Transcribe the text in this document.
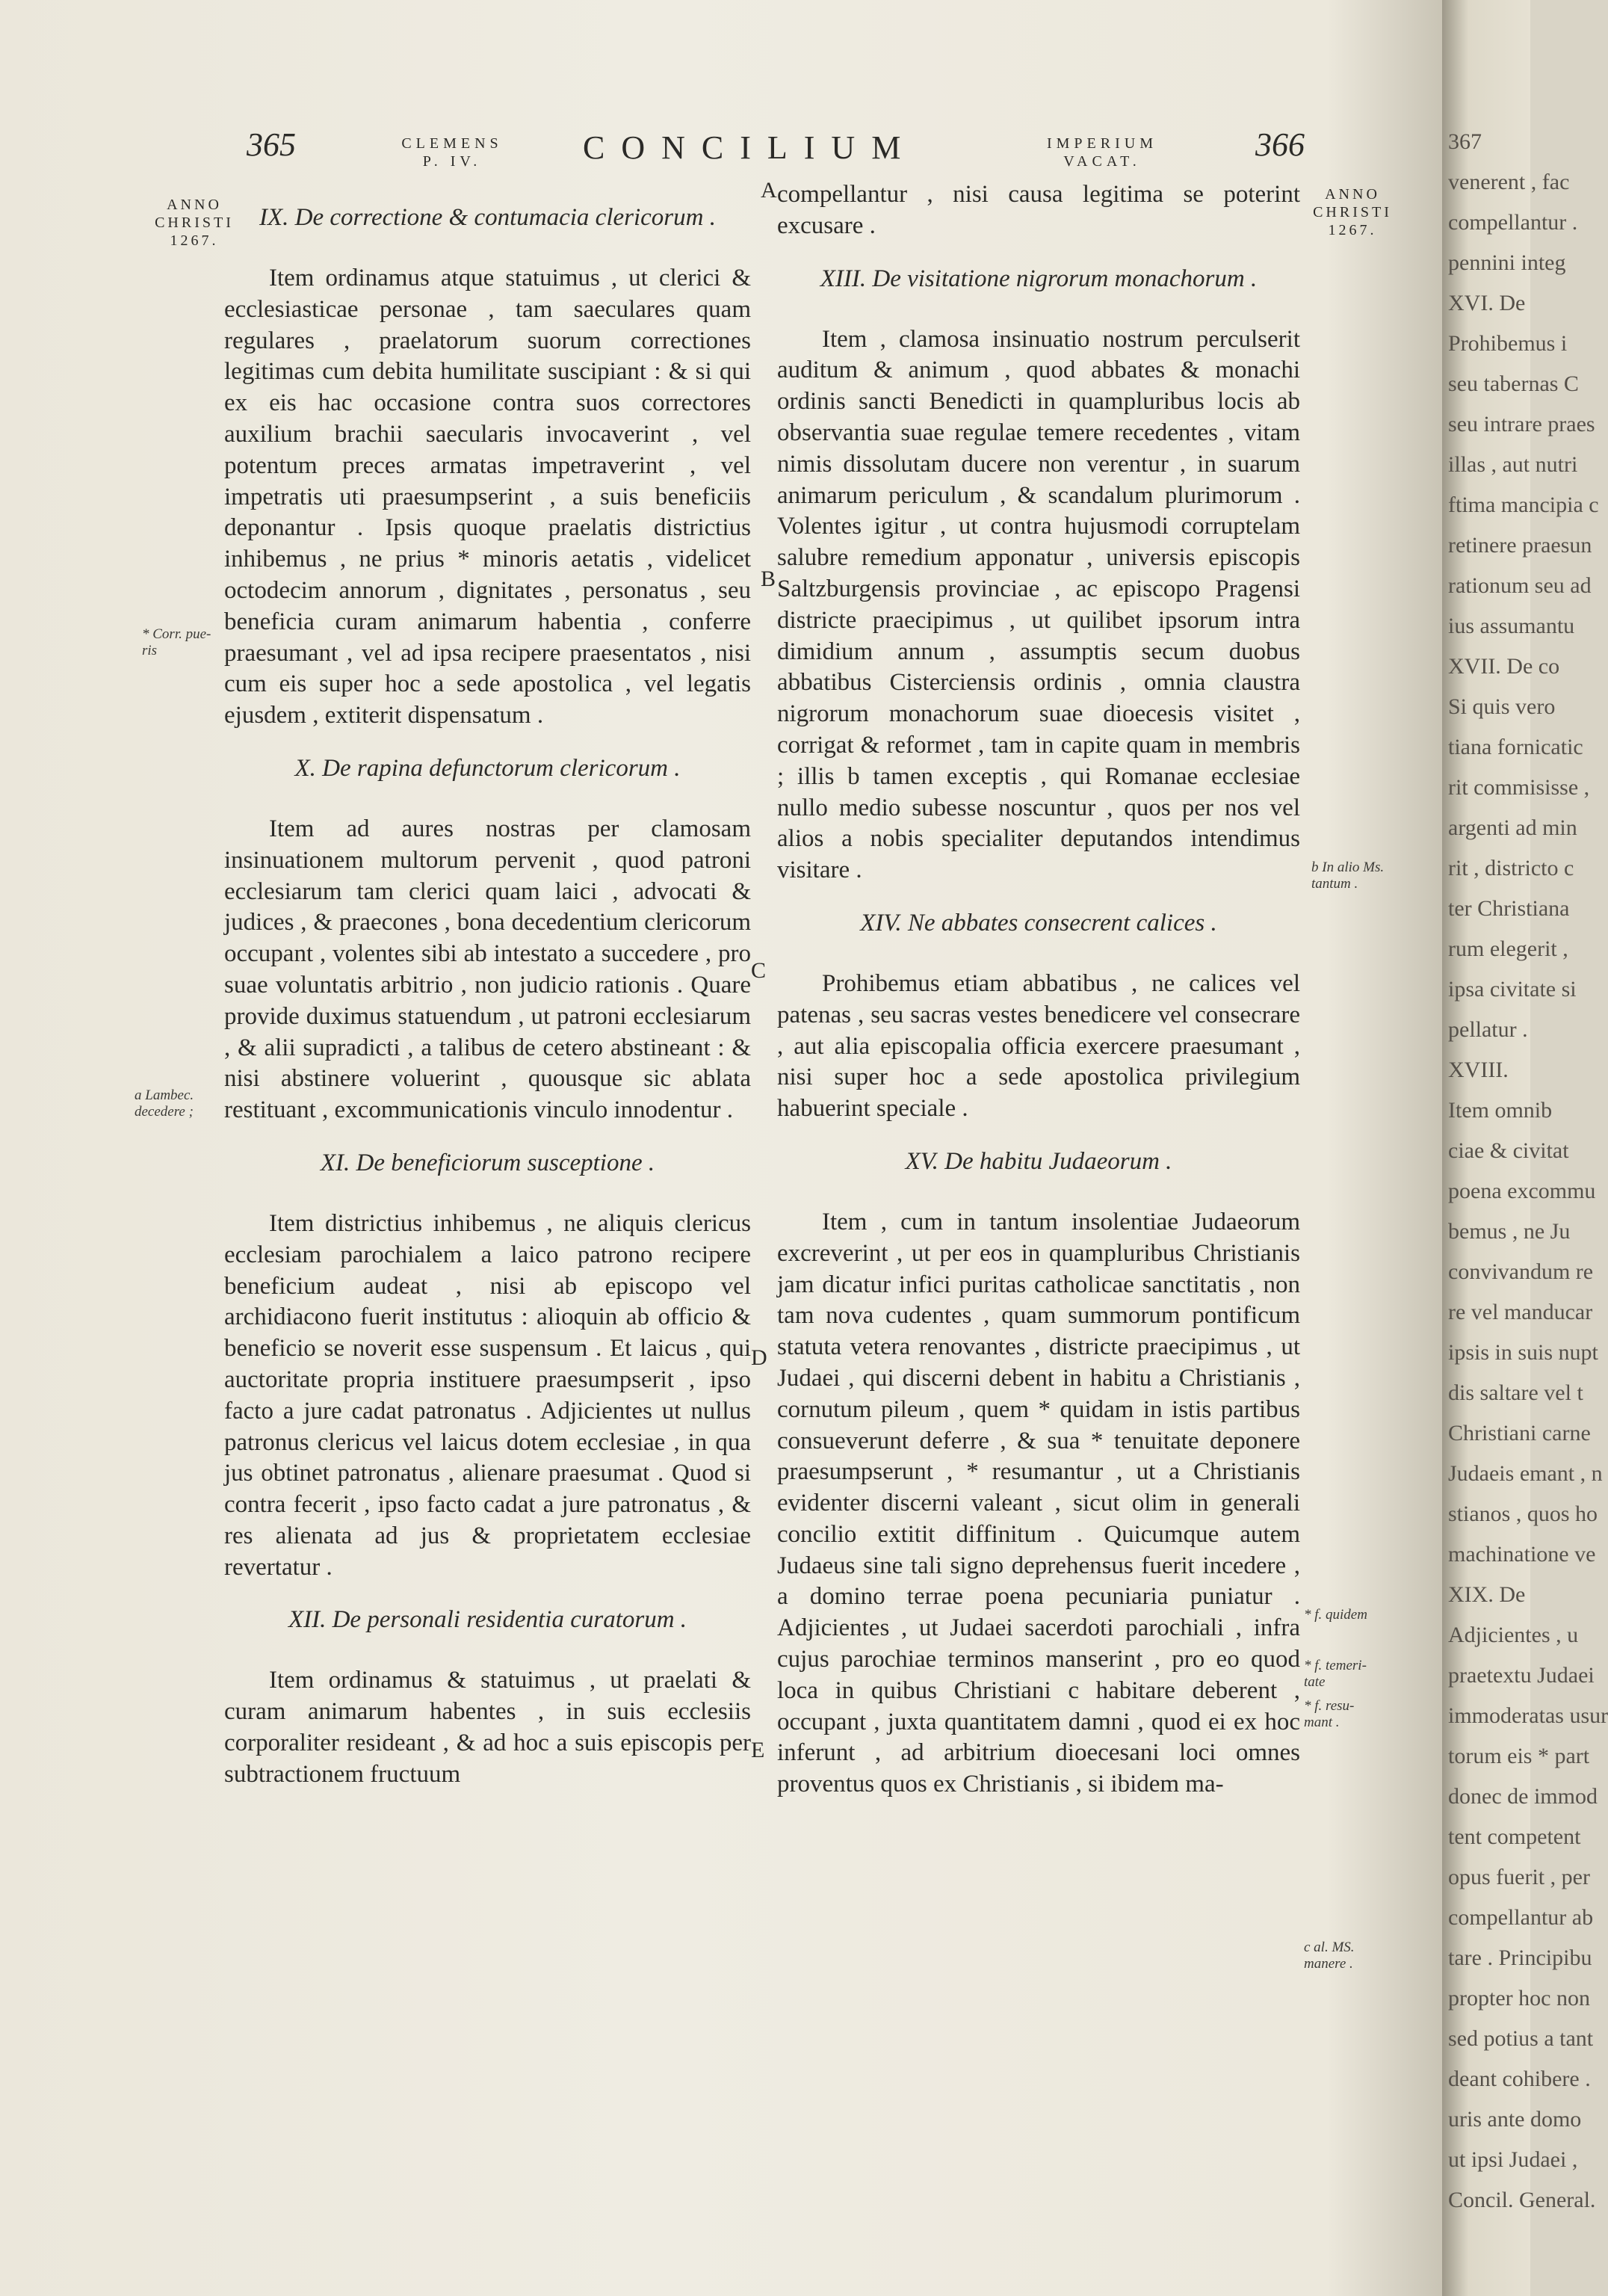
365	CLEMENS
P. IV.	CONCILIUM	IMPERIUM
VACAT.	366
ANNO
CHRISTI
1267.
ANNO
CHRISTI
1267.
A
B
C
D
E
* Corr. pue- ris
a Lambec. decedere ;
b In alio Ms. tantum .
* f. quidem
* f. temeri- tate
* f. resu- mant .
c al. MS. manere .
IX. De correctione & contumacia clericorum .

Item ordinamus atque statuimus , ut clerici & ecclesiasticae personae , tam saeculares quam regulares , praelatorum suorum correctiones legitimas cum debita humilitate suscipiant : & si qui ex eis hac occasione contra suos correctores auxilium brachii saecularis invocaverint , vel potentum preces armatas impetraverint , vel impetratis uti praesumpserint , a suis beneficiis deponantur . Ipsis quoque praelatis districtius inhibemus , ne prius * minoris aetatis , videlicet octodecim annorum , dignitates , personatus , seu beneficia curam animarum habentia , conferre praesumant , vel ad ipsa recipere praesentatos , nisi cum eis super hoc a sede apostolica , vel legatis ejusdem , extiterit dispensatum .

X. De rapina defunctorum clericorum .

Item ad aures nostras per clamosam insinuationem multorum pervenit , quod patroni ecclesiarum tam clerici quam laici , advocati & judices , & praecones , bona decedentium clericorum occupant , volentes sibi ab intestato a succedere , pro suae voluntatis arbitrio , non judicio rationis . Quare provide duximus statuendum , ut patroni ecclesiarum , & alii supradicti , a talibus de cetero abstineant : & nisi abstinere voluerint , quousque sic ablata restituant , excommunicationis vinculo innodentur .

XI. De beneficiorum susceptione .

Item districtius inhibemus , ne aliquis clericus ecclesiam parochialem a laico patrono recipere beneficium audeat , nisi ab episcopo vel archidiacono fuerit institutus : alioquin ab officio & beneficio se noverit esse suspensum . Et laicus , qui auctoritate propria instituere praesumpserit , ipso facto a jure cadat patronatus . Adjicientes ut nullus patronus clericus vel laicus dotem ecclesiae , in qua jus obtinet patronatus , alienare praesumat . Quod si contra fecerit , ipso facto cadat a jure patronatus , & res alienata ad jus & proprietatem ecclesiae revertatur .

XII. De personali residentia curatorum .

Item ordinamus & statuimus , ut praelati & curam animarum habentes , in suis ecclesiis corporaliter resideant , & ad hoc a suis episcopis per subtractionem fructuum

compellantur , nisi causa legitima se poterint excusare .

XIII. De visitatione nigrorum monachorum .

Item , clamosa insinuatio nostrum perculserit auditum & animum , quod abbates & monachi ordinis sancti Benedicti in quampluribus locis ab observantia suae regulae temere recedentes , vitam nimis dissolutam ducere non verentur , in suarum animarum periculum , & scandalum plurimorum . Volentes igitur , ut contra hujusmodi corruptelam salubre remedium apponatur , universis episcopis Saltzburgensis provinciae , ac episcopo Pragensi districte praecipimus , ut quilibet ipsorum intra dimidium annum , assumptis secum duobus abbatibus Cisterciensis ordinis , omnia claustra nigrorum monachorum suae dioecesis visitet , corrigat & reformet , tam in capite quam in membris ; illis b tamen exceptis , qui Romanae ecclesiae nullo medio subesse noscuntur , quos per nos vel alios a nobis specialiter deputandos intendimus visitare .

XIV. Ne abbates consecrent calices .

Prohibemus etiam abbatibus , ne calices vel patenas , seu sacras vestes benedicere vel consecrare , aut alia episcopalia officia exercere praesumant , nisi super hoc a sede apostolica privilegium habuerint speciale .

XV. De habitu Judaeorum .

Item , cum in tantum insolentiae Judaeorum excreverint , ut per eos in quampluribus Christianis jam dicatur infici puritas catholicae sanctitatis , non tam nova cudentes , quam summorum pontificum statuta vetera renovantes , districte praecipimus , ut Judaei , qui discerni debent in habitu a Christianis , cornutum pileum , quem * quidam in istis partibus consueverunt deferre , & sua * tenuitate deponere praesumpserunt , * resumantur , ut a Christianis evidenter discerni valeant , sicut olim in generali concilio extitit diffinitum . Quicumque autem Judaeus sine tali signo deprehensus fuerit incedere , a domino terrae poena pecuniaria puniatur . Adjicientes , ut Judaei sacerdoti parochiali , infra cujus parochiae terminos manserint , pro eo quod loca in quibus Christiani c habitare deberent , occupant , juxta quantitatem damni , quod ei ex hoc inferunt , ad arbitrium dioecesani loci omnes proventus quos ex Christianis , si ibidem ma-

367
venerent , fac
compellantur .
pennini integ
XVI. De
Prohibemus i
seu tabernas C
seu intrare praes
illas , aut nutri
ftima mancipia c
retinere praesun
rationum seu ad
ius assumantu
XVII. De co
Si quis vero
tiana fornicatic
rit commisisse ,
argenti ad min
rit , districto c
ter Christiana
rum elegerit ,
ipsa civitate si
pellatur .
XVIII.
Item omnib
ciae & civitat
poena excommu
bemus , ne Ju
convivandum re
re vel manducar
ipsis in suis nupt
dis saltare vel t
Christiani carne
Judaeis emant , n
stianos , quos ho
machinatione ve
XIX. De
Adjicientes , u
praetextu Judaei
immoderatas usur
torum eis * part
donec de immod
tent competent
opus fuerit , per
compellantur ab
tare . Principibu
propter hoc non
sed potius a tant
deant cohibere .
uris ante domo
ut ipsi Judaei ,
Concil. General.
